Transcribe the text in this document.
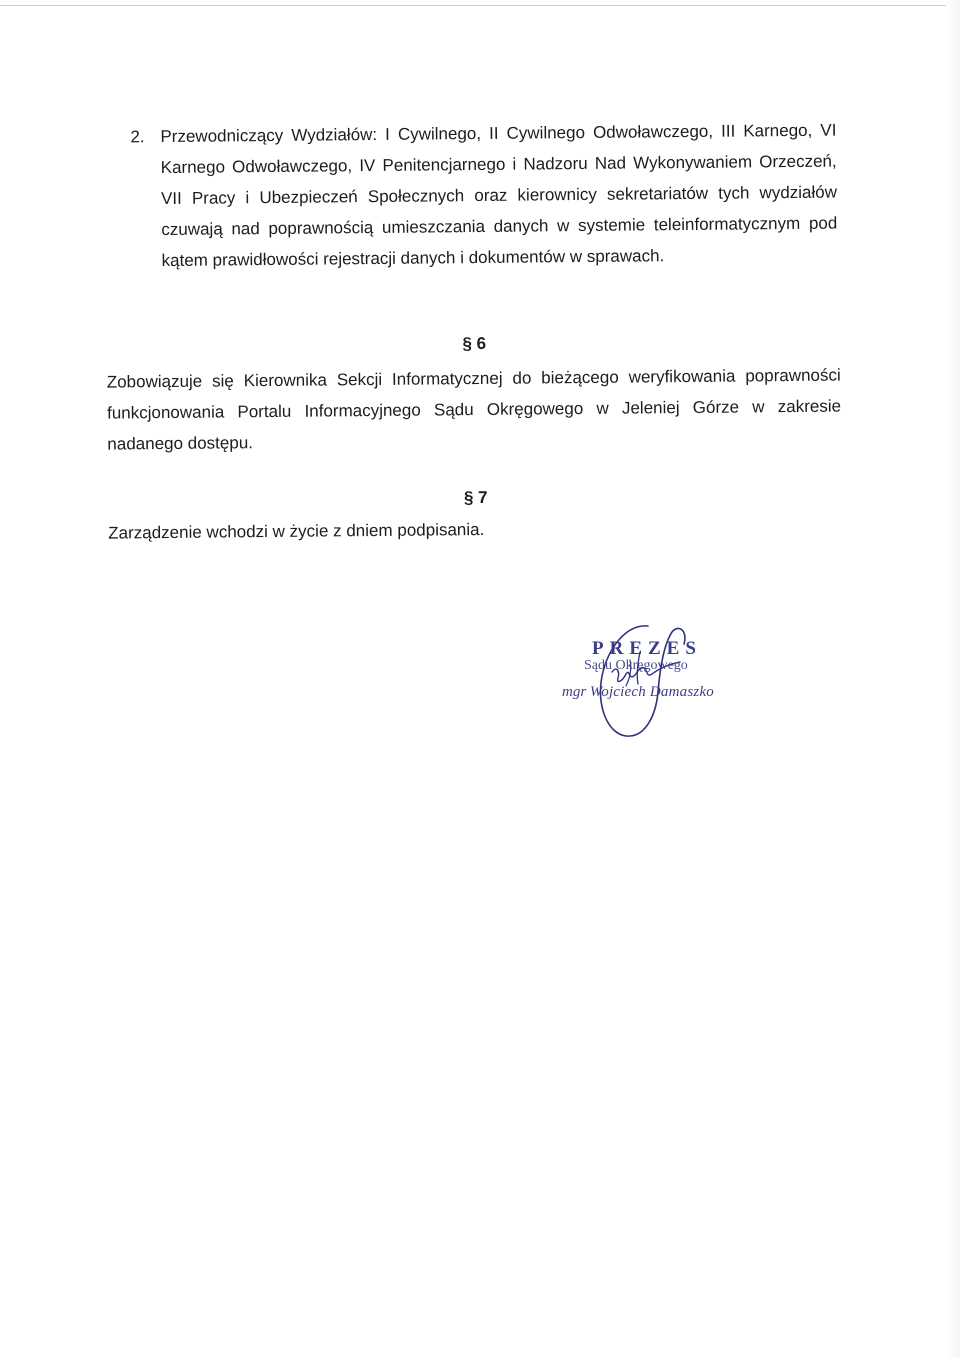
2. Przewodniczący Wydziałów: I Cywilnego, II Cywilnego Odwoławczego, III Karnego, VI Karnego Odwoławczego, IV Penitencjarnego i Nadzoru Nad Wykonywaniem Orzeczeń, VII Pracy i Ubezpieczeń Społecznych oraz kierownicy sekretariatów tych wydziałów czuwają nad poprawnością umieszczania danych w systemie teleinformatycznym pod kątem prawidłowości rejestracji danych i dokumentów w sprawach.

§ 6

Zobowiązuje się Kierownika Sekcji Informatycznej do bieżącego weryfikowania poprawności funkcjonowania Portalu Informacyjnego Sądu Okręgowego w Jeleniej Górze w zakresie nadanego dostępu.

§ 7

Zarządzenie wchodzi w życie z dniem podpisania.

PREZES
Sądu Okręgowego
mgr Wojciech Damaszko
